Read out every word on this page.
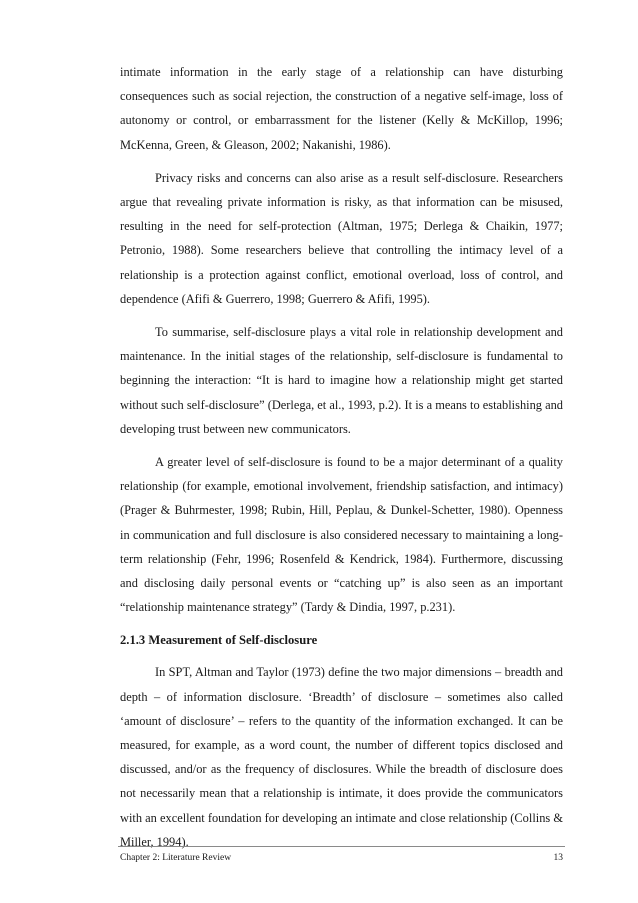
intimate information in the early stage of a relationship can have disturbing consequences such as social rejection, the construction of a negative self-image, loss of autonomy or control, or embarrassment for the listener (Kelly & McKillop, 1996; McKenna, Green, & Gleason, 2002; Nakanishi, 1986).

Privacy risks and concerns can also arise as a result self-disclosure. Researchers argue that revealing private information is risky, as that information can be misused, resulting in the need for self-protection (Altman, 1975; Derlega & Chaikin, 1977; Petronio, 1988). Some researchers believe that controlling the intimacy level of a relationship is a protection against conflict, emotional overload, loss of control, and dependence (Afifi & Guerrero, 1998; Guerrero & Afifi, 1995).

To summarise, self-disclosure plays a vital role in relationship development and maintenance. In the initial stages of the relationship, self-disclosure is fundamental to beginning the interaction: “It is hard to imagine how a relationship might get started without such self-disclosure” (Derlega, et al., 1993, p.2). It is a means to establishing and developing trust between new communicators.

A greater level of self-disclosure is found to be a major determinant of a quality relationship (for example, emotional involvement, friendship satisfaction, and intimacy) (Prager & Buhrmester, 1998; Rubin, Hill, Peplau, & Dunkel-Schetter, 1980). Openness in communication and full disclosure is also considered necessary to maintaining a long-term relationship (Fehr, 1996; Rosenfeld & Kendrick, 1984). Furthermore, discussing and disclosing daily personal events or “catching up” is also seen as an important “relationship maintenance strategy” (Tardy & Dindia, 1997, p.231).

2.1.3 Measurement of Self-disclosure

In SPT, Altman and Taylor (1973) define the two major dimensions – breadth and depth – of information disclosure. ‘Breadth’ of disclosure – sometimes also called ‘amount of disclosure’ – refers to the quantity of the information exchanged. It can be measured, for example, as a word count, the number of different topics disclosed and discussed, and/or as the frequency of disclosures. While the breadth of disclosure does not necessarily mean that a relationship is intimate, it does provide the communicators with an excellent foundation for developing an intimate and close relationship (Collins & Miller, 1994).

Chapter 2: Literature Review	13
